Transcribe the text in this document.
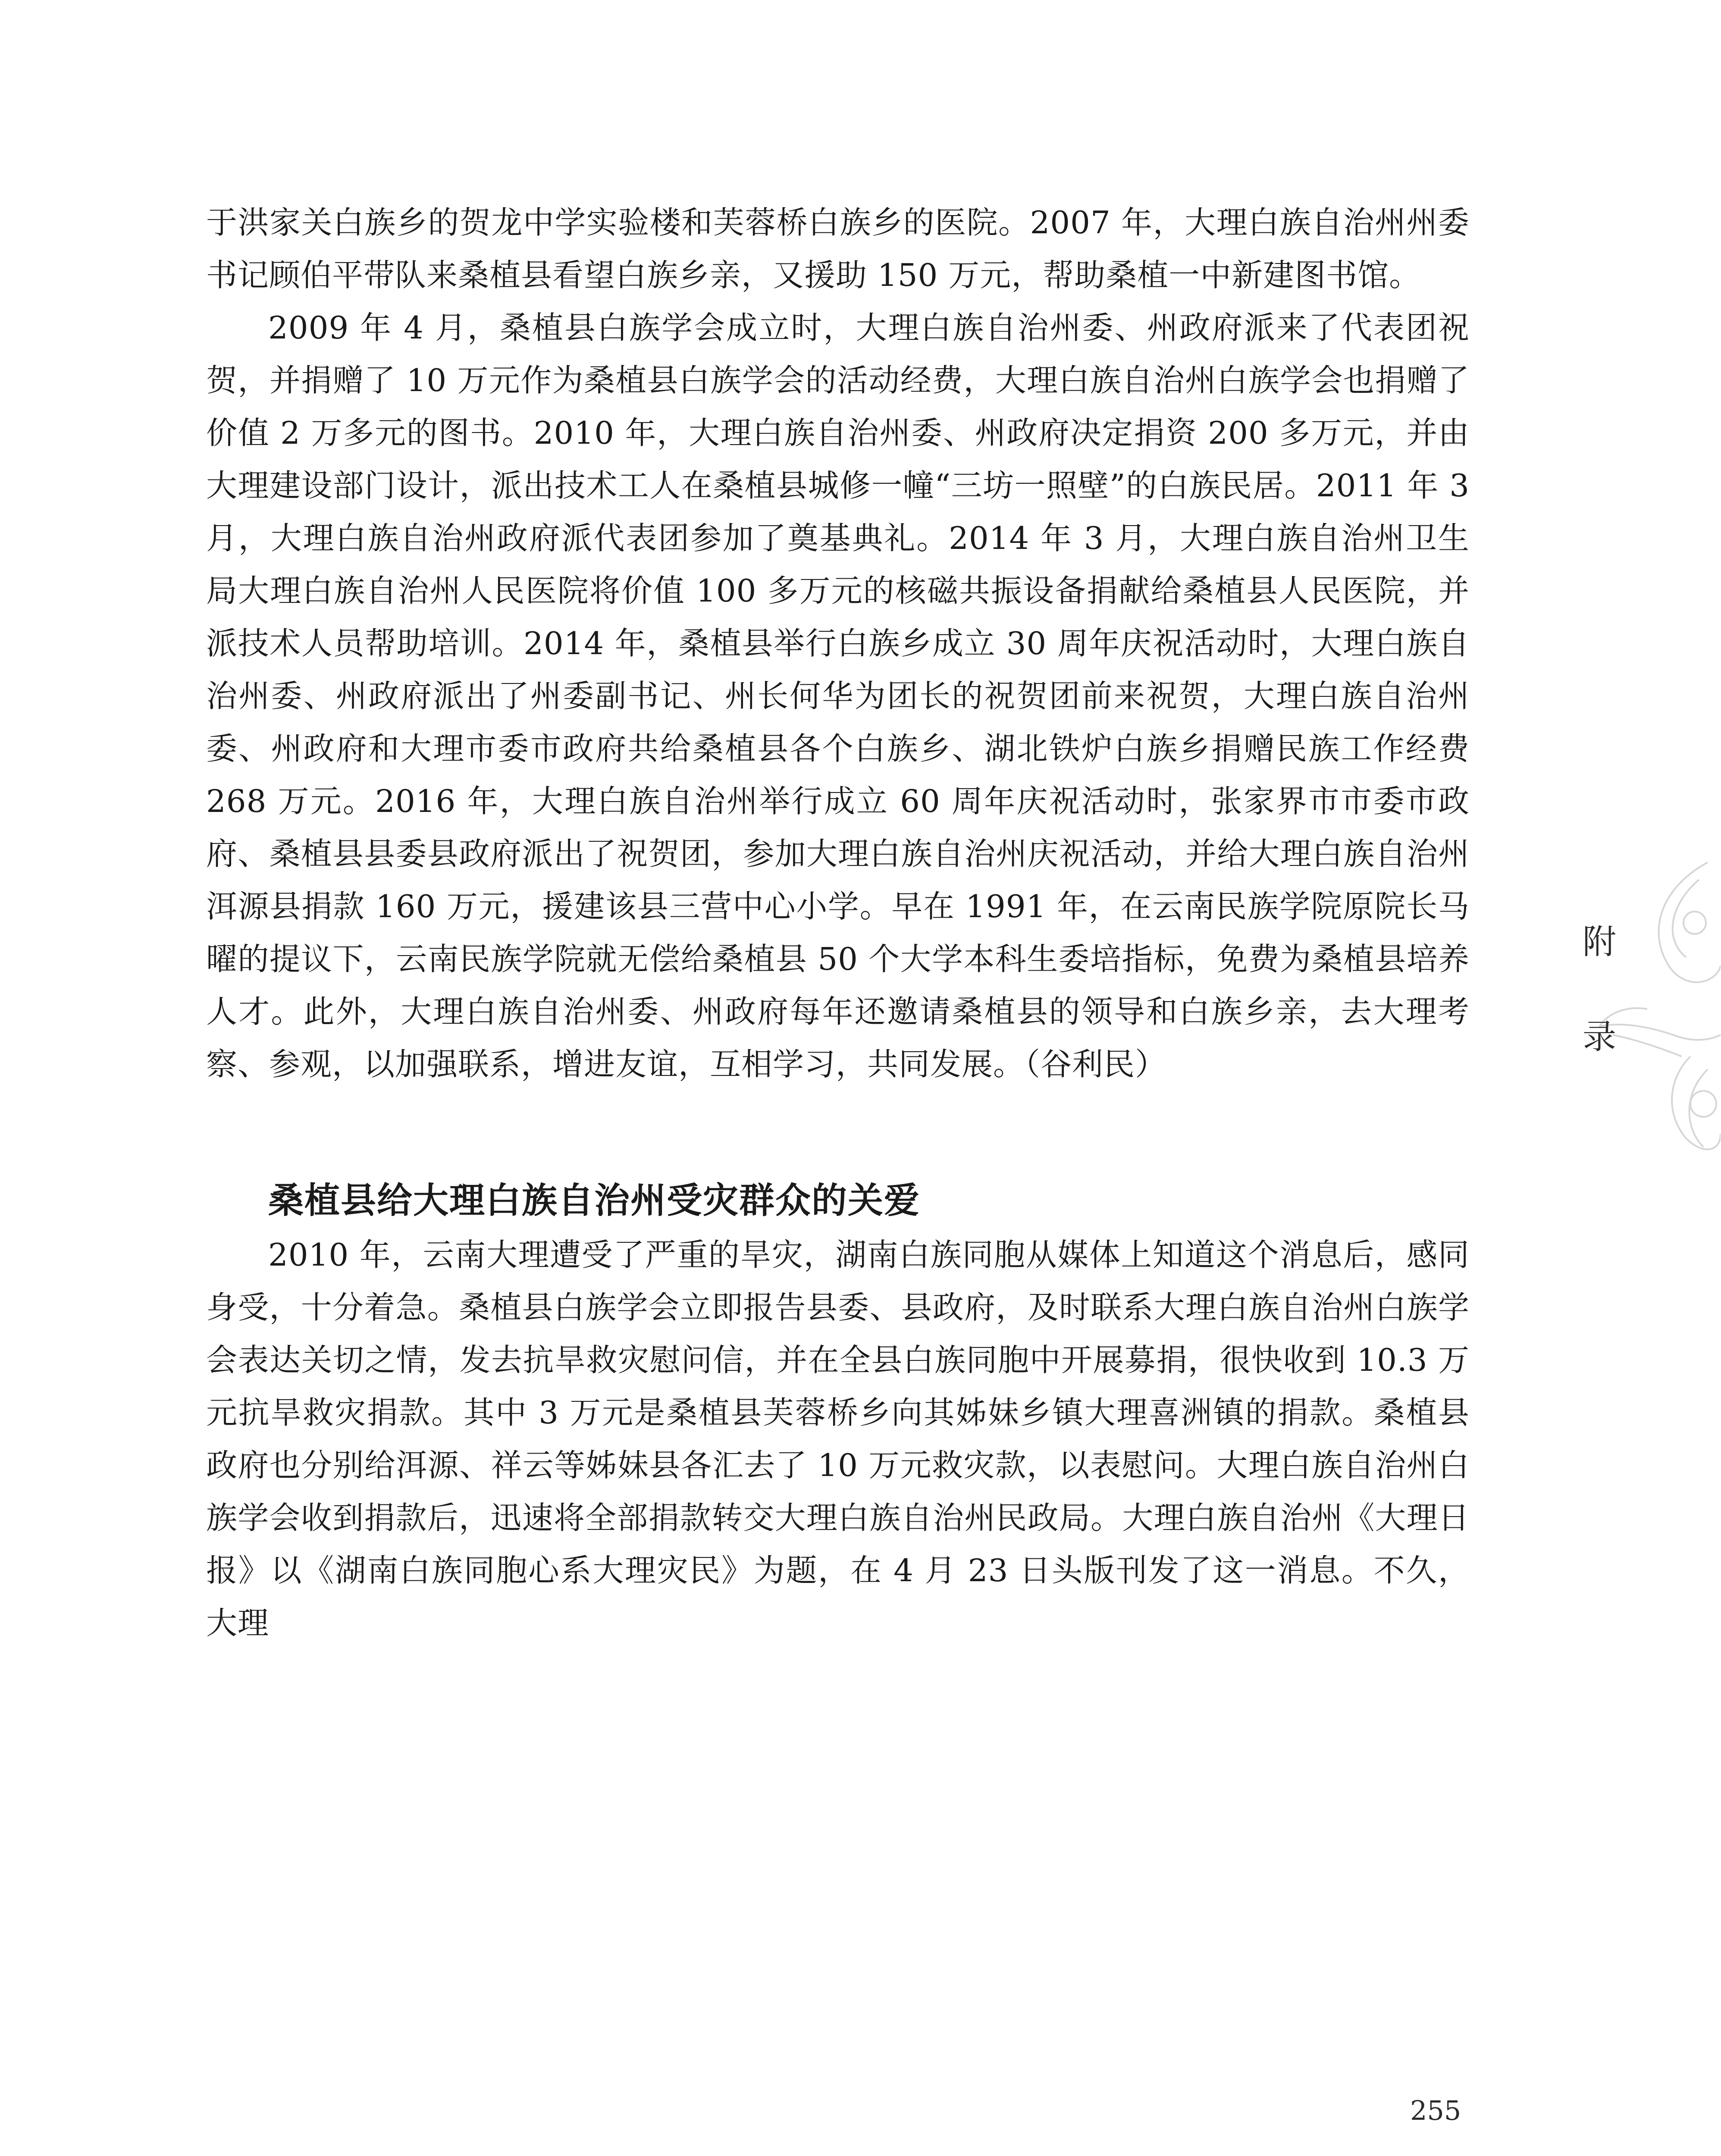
于洪家关白族乡的贺龙中学实验楼和芙蓉桥白族乡的医院。2007 年，大理白族自治州州委书记顾伯平带队来桑植县看望白族乡亲，又援助 150 万元，帮助桑植一中新建图书馆。

2009 年 4 月，桑植县白族学会成立时，大理白族自治州委、州政府派来了代表团祝贺，并捐赠了 10 万元作为桑植县白族学会的活动经费，大理白族自治州白族学会也捐赠了价值 2 万多元的图书。2010 年，大理白族自治州委、州政府决定捐资 200 多万元，并由大理建设部门设计，派出技术工人在桑植县城修一幢“三坊一照壁”的白族民居。2011 年 3 月，大理白族自治州政府派代表团参加了奠基典礼。2014 年 3 月，大理白族自治州卫生局大理白族自治州人民医院将价值 100 多万元的核磁共振设备捐献给桑植县人民医院，并派技术人员帮助培训。2014 年，桑植县举行白族乡成立 30 周年庆祝活动时，大理白族自治州委、州政府派出了州委副书记、州长何华为团长的祝贺团前来祝贺，大理白族自治州委、州政府和大理市委市政府共给桑植县各个白族乡、湖北铁炉白族乡捐赠民族工作经费 268 万元。2016 年，大理白族自治州举行成立 60 周年庆祝活动时，张家界市市委市政府、桑植县县委县政府派出了祝贺团，参加大理白族自治州庆祝活动，并给大理白族自治州洱源县捐款 160 万元，援建该县三营中心小学。早在 1991 年，在云南民族学院原院长马曜的提议下，云南民族学院就无偿给桑植县 50 个大学本科生委培指标，免费为桑植县培养人才。此外，大理白族自治州委、州政府每年还邀请桑植县的领导和白族乡亲，去大理考察、参观，以加强联系，增进友谊，互相学习，共同发展。（谷利民）

桑植县给大理白族自治州受灾群众的关爱

2010 年，云南大理遭受了严重的旱灾，湖南白族同胞从媒体上知道这个消息后，感同身受，十分着急。桑植县白族学会立即报告县委、县政府，及时联系大理白族自治州白族学会表达关切之情，发去抗旱救灾慰问信，并在全县白族同胞中开展募捐，很快收到 10.3 万元抗旱救灾捐款。其中 3 万元是桑植县芙蓉桥乡向其姊妹乡镇大理喜洲镇的捐款。桑植县政府也分别给洱源、祥云等姊妹县各汇去了 10 万元救灾款，以表慰问。大理白族自治州白族学会收到捐款后，迅速将全部捐款转交大理白族自治州民政局。大理白族自治州《大理日报》以《湖南白族同胞心系大理灾民》为题，在 4 月 23 日头版刊发了这一消息。不久，大理

附
录
255
